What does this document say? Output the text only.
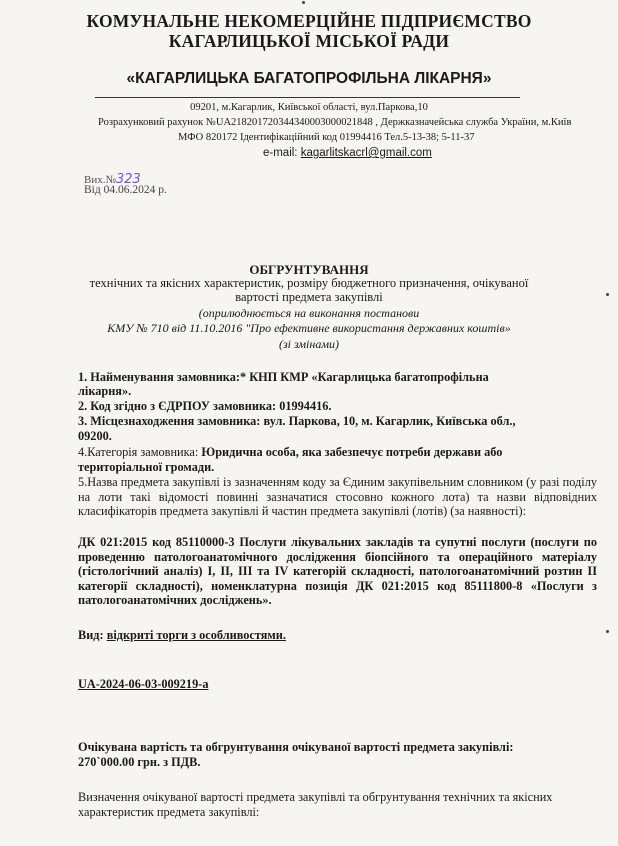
КОМУНАЛЬНЕ НЕКОМЕРЦІЙНЕ ПІДПРИЄМСТВО
КАГАРЛИЦЬКОЇ МІСЬКОЇ РАДИ
«КАГАРЛИЦЬКА БАГАТОПРОФІЛЬНА ЛІКАРНЯ»
09201, м.Кагарлик, Київської області, вул.Паркова,10
Розрахунковий рахунок №UA218201720344340003000021848 , Держказначейська служба України, м.Київ
МФО 820172 Ідентифікаційний код 01994416 Тел.5-13-38; 5-11-37
e-mail: kagarlitskacrl@gmail.com
Вих.№323
Від 04.06.2024 р.
ОБГРУНТУВАННЯ
технічних та якісних характеристик, розміру бюджетного призначення, очікуваної
вартості предмета закупівлі
(оприлюднюється на виконання постанови
КМУ № 710 від 11.10.2016 "Про ефективне використання державних коштів»
(зі змінами)
1. Найменування замовника:* КНП КМР «Кагарлицька багатопрофільна
лікарня».
2. Код згідно з ЄДРПОУ замовника: 01994416.
3. Місцезнаходження замовника: вул. Паркова, 10, м. Кагарлик, Київська обл.,
09200.
4.Категорія замовника: Юридична особа, яка забезпечує потреби держави або
територіальної громади.
5.Назва предмета закупівлі із зазначенням коду за Єдиним закупівельним словником (у разі поділу на лоти такі відомості повинні зазначатися стосовно кожного лота) та назви відповідних класифікаторів предмета закупівлі й частин предмета закупівлі (лотів) (за наявності):
ДК 021:2015 код 85110000-3 Послуги лікувальних закладів та супутні послуги (послуги по проведенню патологоанатомічного дослідження біопсійного та операційного матеріалу (гістологічний аналіз) I, II, III та IV категорій складності, патологоанатомічний розтин II категорії складності), номенклатурна позиція ДК 021:2015 код 85111800-8 «Послуги з патологоанатомічних досліджень».
Вид: відкриті торги з особливостями.
UA-2024-06-03-009219-a
Очікувана вартість та обгрунтування очікуваної вартості предмета закупівлі:
270`000.00 грн. з ПДВ.
Визначення очікуваної вартості предмета закупівлі та обгрунтування технічних та якісних характеристик предмета закупівлі:
